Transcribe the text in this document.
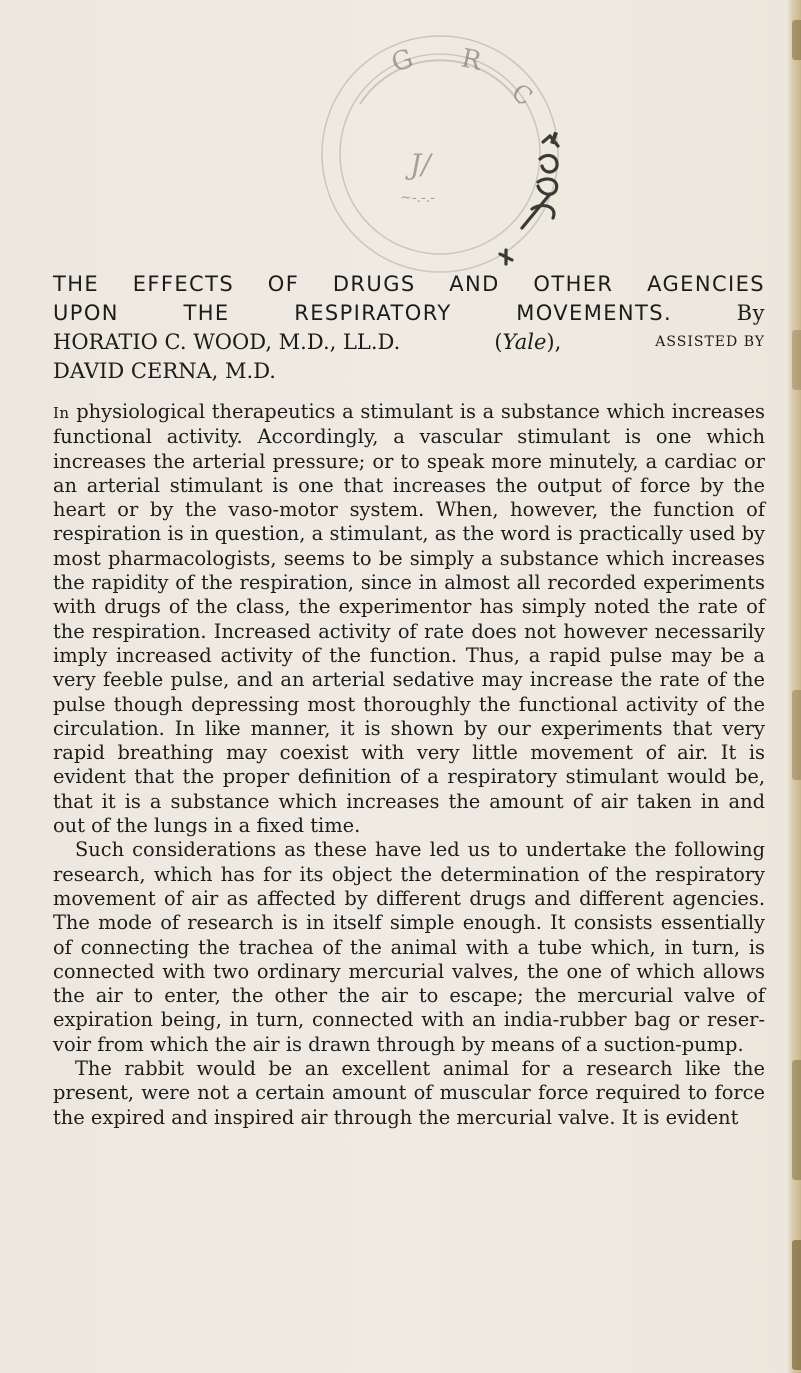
G R
C
J/
~-.-.-
THE EFFECTS OF DRUGS AND OTHER AGENCIES
UPON	THE	RESPIRATORY	MOVEMENTS.	By
HORATIO C. WOOD, M.D., LL.D.	(Yale),	ASSISTED BY
DAVID CERNA, M.D.

In physiological therapeutics a stimulant is a substance which increases functional activity. Accordingly, a vascular stimulant is one which increases the arterial pressure; or to speak more minutely, a cardiac or an arterial stimulant is one that increases the output of force by the heart or by the vaso-motor system. When, however, the function of respiration is in question, a stimulant, as the word is practically used by most pharmacologists, seems to be simply a substance which increases the rapidity of the respiration, since in almost all recorded experiments with drugs of the class, the experimentor has simply noted the rate of the respiration. Increased activity of rate does not however necessarily imply increased activity of the function. Thus, a rapid pulse may be a very feeble pulse, and an arterial sedative may increase the rate of the pulse though depressing most thoroughly the functional activity of the circulation. In like manner, it is shown by our experiments that very rapid breathing may coexist with very little movement of air. It is evident that the proper definition of a respiratory stimulant would be, that it is a substance which increases the amount of air taken in and out of the lungs in a fixed time.

Such considerations as these have led us to undertake the following research, which has for its object the determination of the respiratory movement of air as affected by different drugs and different agencies. The mode of research is in itself simple enough. It consists essentially of connecting the trachea of the animal with a tube which, in turn, is connected with two ordinary mercurial valves, the one of which allows the air to enter, the other the air to escape; the mercurial valve of expiration being, in turn, connected with an india-rubber bag or reser- voir from which the air is drawn through by means of a suction-pump.

The rabbit would be an excellent animal for a research like the present, were not a certain amount of muscular force required to force the expired and inspired air through the mercurial valve. It is evident
